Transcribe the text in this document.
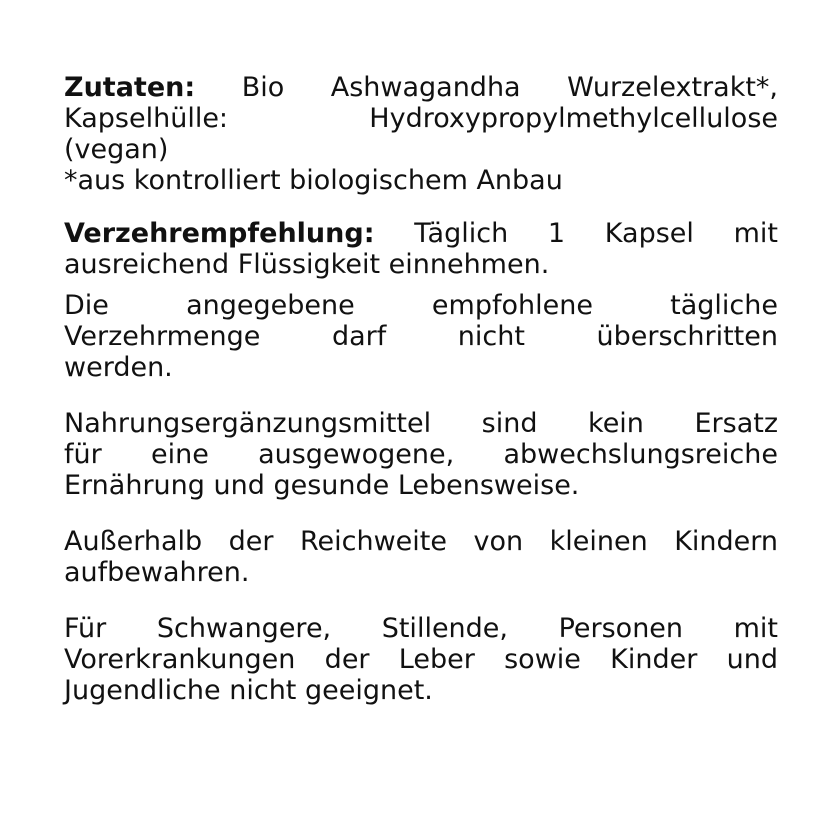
Zutaten: Bio Ashwagandha Wurzelextrakt*,
Kapselhülle:	Hydroxypropylmethylcellulose
(vegan)
*aus kontrolliert biologischem Anbau
Verzehrempfehlung: Täglich 1 Kapsel mit
ausreichend Flüssigkeit einnehmen.
Die angegebene empfohlene tägliche
Verzehrmenge darf nicht überschritten
werden.
Nahrungsergänzungsmittel sind kein Ersatz
für eine ausgewogene, abwechslungsreiche
Ernährung und gesunde Lebensweise.
Außerhalb der Reichweite von kleinen Kindern
aufbewahren.
Für Schwangere, Stillende, Personen mit
Vorerkrankungen der Leber sowie Kinder und
Jugendliche nicht geeignet.
